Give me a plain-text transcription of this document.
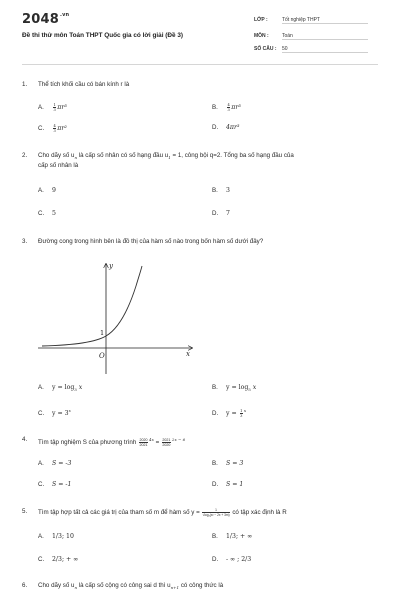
$2048^{.vn}$
Đề thi thử môn Toán THPT Quốc gia có lời giải (Đề 3)
LỚP :	Tốt nghiệp THPT
MÔN :	Toán
SỐ CÂU : 50
1. Thể tích khối cầu có bán kính r là
A.	$\frac{1}{3} \pi r^3$	B.	$\frac{4}{3} \pi r^3$
C. $\frac{4}{3} \pi r^2$	D. 4πr³
2. Cho dãy số $u_n$ là cấp số nhân có số hạng đầu $u_1 = 1$, công bội q=2. Tổng ba số hạng đầu của
cấp số nhân là
A. 9	B. 3
C. 5	D. 7
3. Đường cong trong hình bên là đồ thị của hàm số nào trong bốn hàm số dưới đây?
y
x
O
1
A. $y = \log_3 x$	B. $y = \log_5 x$
C. $y = 3^x$	D. $y = \frac{1}{3} ^x$
4. Tìm tập nghiệm S của phương trình $\frac{2020}{2021} ^{4x} = \frac{2021}{2020} ^{2x - 6}$
A. S = -3	B. S = 3
C. S = -1	D. S = 1
5. Tìm tập hợp tất cả các giá trị của tham số m để hàm số $y = \frac{1}{\text{√log₃(x² − 2x + 3m)}}$ có tập xác định là R
A. 1/3; 10	B. 1/3; + ∞
C. 2/3; + ∞	D. - ∞ ; 2/3
6. Cho dãy số $u_n$ là cấp số cộng có công sai d thì $u_{n+1}$ có công thức là
